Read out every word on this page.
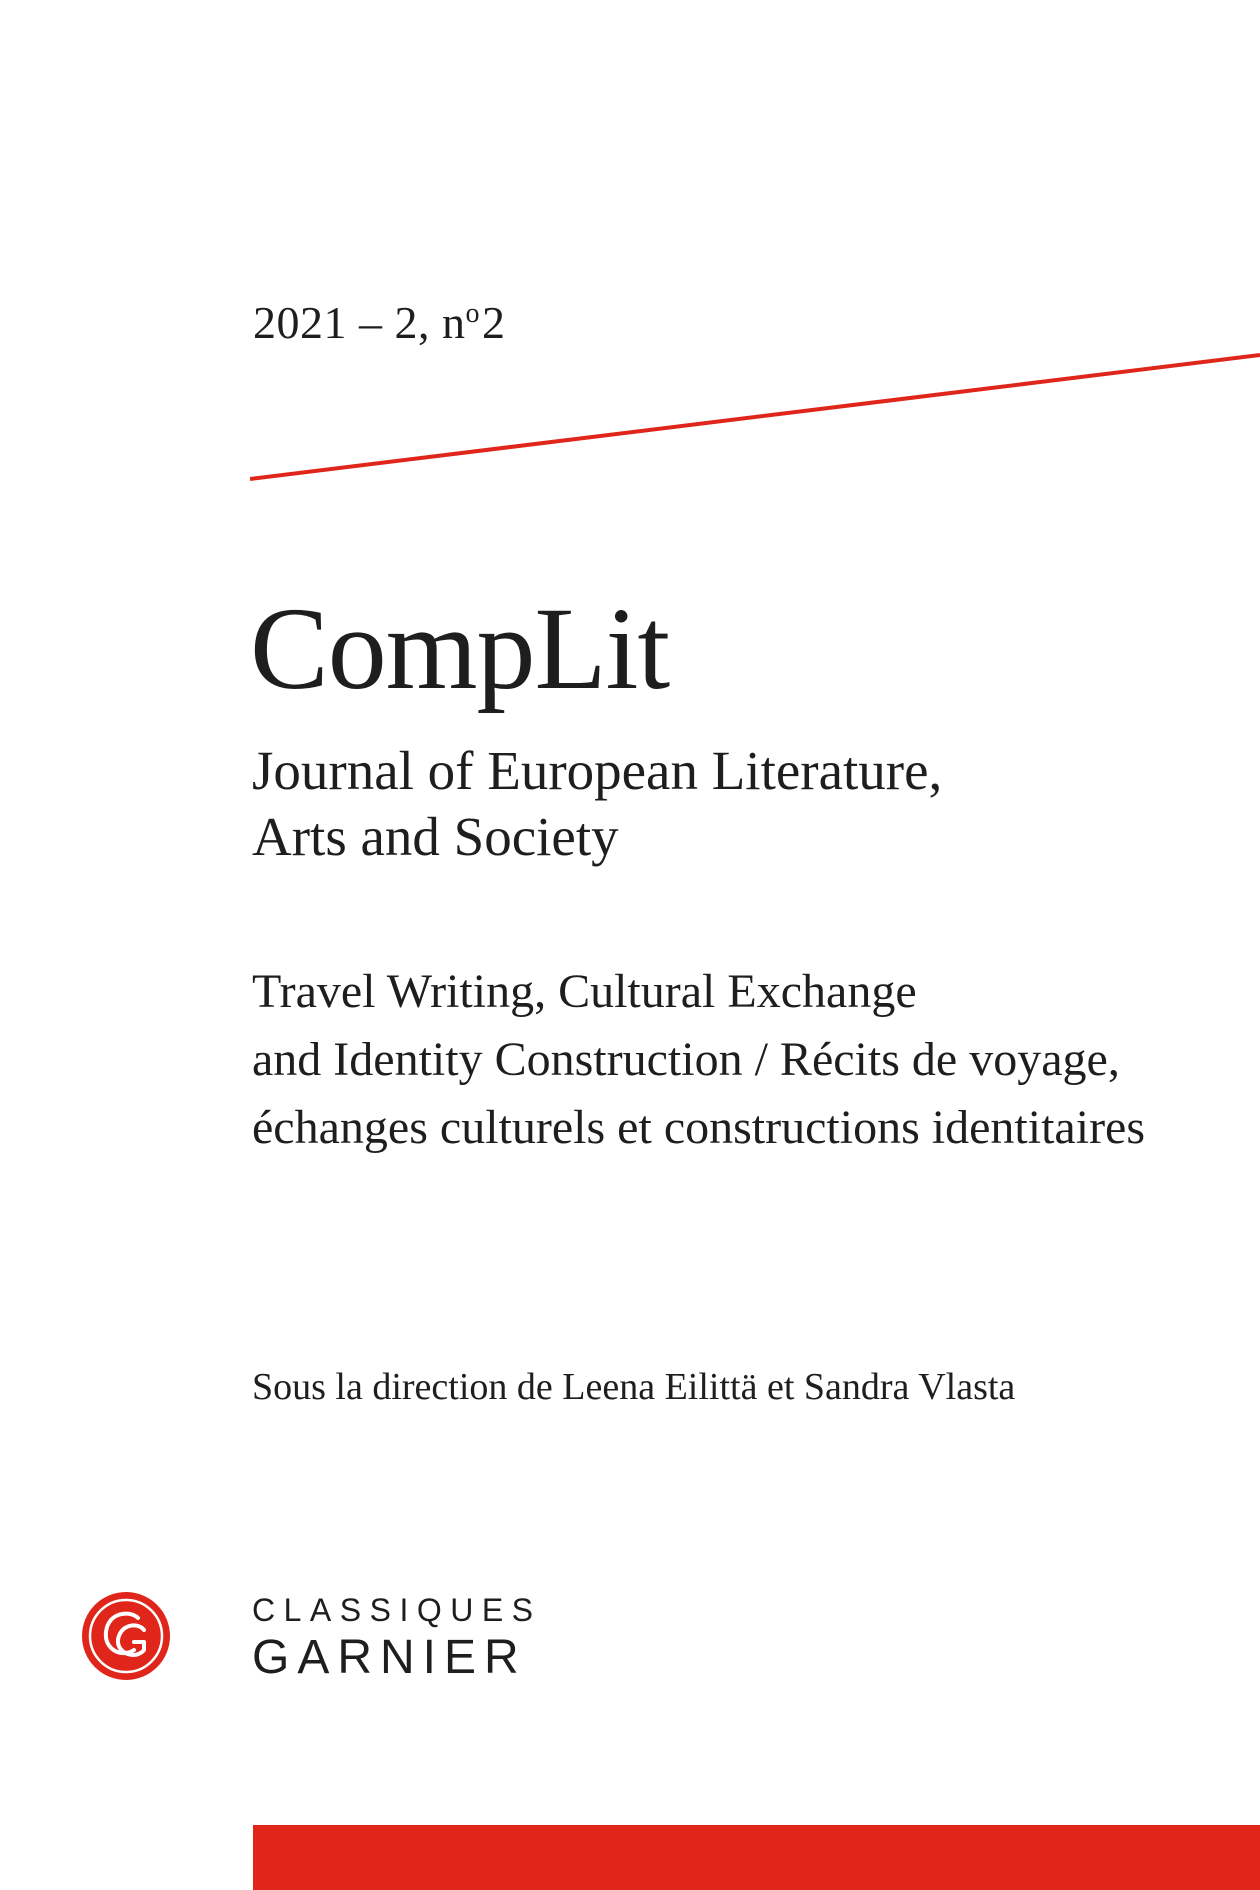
2021 – 2, $n^o2$
CompLit
Journal of European Literature,
Arts and Society
Travel Writing, Cultural Exchange
and Identity Construction / Récits de voyage,
échanges culturels et constructions identitaires
Sous la direction de Leena Eilittä et Sandra Vlasta
CLASSIQUES
GARNIER
